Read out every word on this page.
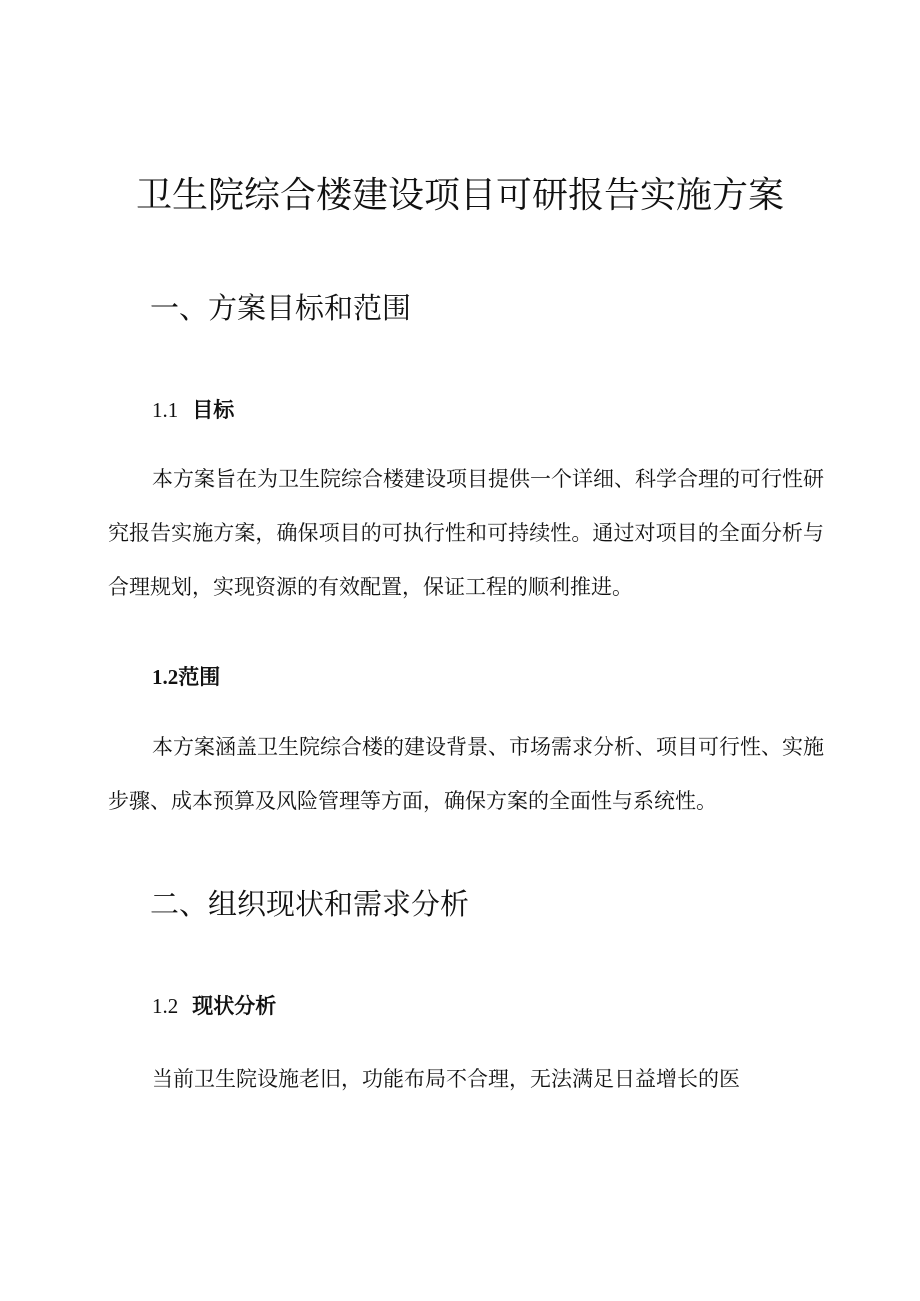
卫生院综合楼建设项目可研报告实施方案
一、方案目标和范围
1.1 目标

本方案旨在为卫生院综合楼建设项目提供一个详细、科学合理的可行性研究报告实施方案，确保项目的可执行性和可持续性。通过对项目的全面分析与合理规划，实现资源的有效配置，保证工程的顺利推进。

1.2范围

本方案涵盖卫生院综合楼的建设背景、市场需求分析、项目可行性、实施步骤、成本预算及风险管理等方面，确保方案的全面性与系统性。

二、组织现状和需求分析
1.2 现状分析

当前卫生院设施老旧，功能布局不合理，无法满足日益增长的医
